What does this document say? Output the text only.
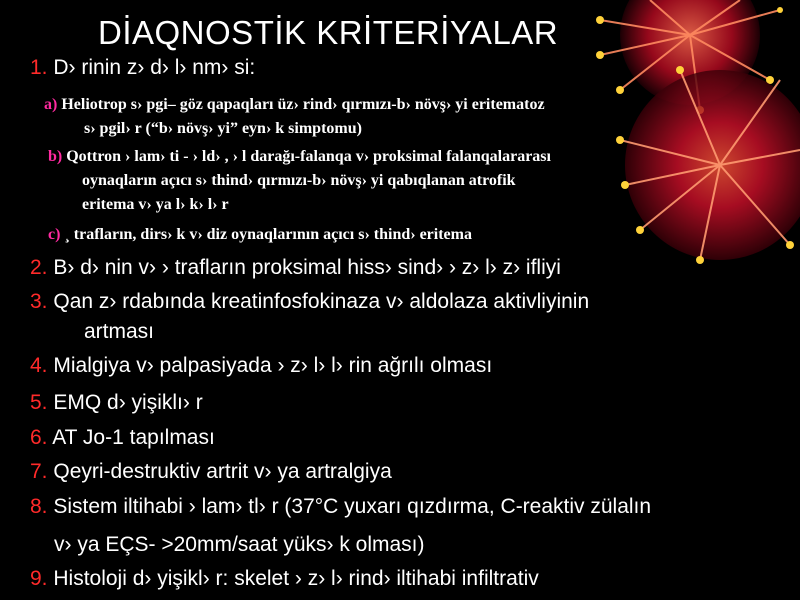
DİAQNOSTİK KRİTERİYALAR
1. D› rinin z› d› l› nm› si:
a) Heliotrop s› pgi– göz qapaqları üz› rind› qırmızı-b› növş› yi eritematoz
s› pgil› r (“b› növş› yi” eyn› k simptomu)
b) Qottron › lam› ti - › ld› , › l darağı-falanqa v› proksimal falanqalararası
oynaqların açıcı s› thind› qırmızı-b› növş› yi qabıqlanan atrofik
eritema v› ya l› k› l› r
c) ¸ trafların, dirs› k v› diz oynaqlarının açıcı s› thind› eritema
2. B› d› nin v› › trafların proksimal hiss› sind› › z› l› z› ifliyi
3. Qan z› rdabında kreatinfosfokinaza v› aldolaza aktivliyinin
artması
4. Mialgiya v› palpasiyada › z› l› l› rin ağrılı olması
5. EMQ d› yişiklı› r
6. AT Jo-1 tapılması
7. Qeyri-destruktiv artrit v› ya artralgiya
8. Sistem iltihabi › lam› tl› r (37°C yuxarı qızdırma, C-reaktiv zülalın
v› ya EÇS- >20mm/saat yüks› k olması)
9. Histoloji d› yişikl› r: skelet › z› l› rind› iltihabi infiltrativ
